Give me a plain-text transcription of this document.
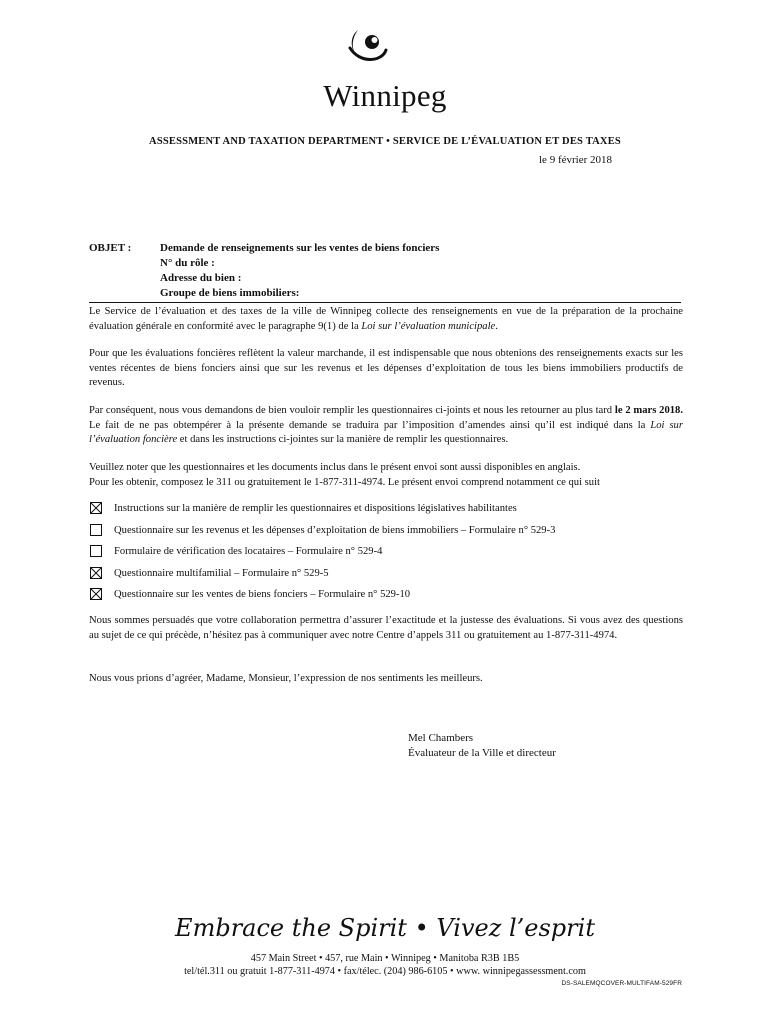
Winnipeg
ASSESSMENT AND TAXATION DEPARTMENT • SERVICE DE L’ÉVALUATION ET DES TAXES
le 9 février 2018
OBJET :	Demande de renseignements sur les ventes de biens fonciers
N° du rôle :
Adresse du bien :
Groupe de biens immobiliers:
Le Service de l’évaluation et des taxes de la ville de Winnipeg collecte des renseignements en vue de la préparation de la prochaine évaluation générale en conformité avec le paragraphe 9(1) de la Loi sur l’évaluation municipale.
Pour que les évaluations foncières reflètent la valeur marchande, il est indispensable que nous obtenions des renseignements exacts sur les ventes récentes de biens fonciers ainsi que sur les revenus et les dépenses d’exploitation de tous les biens immobiliers productifs de revenus.
Par conséquent, nous vous demandons de bien vouloir remplir les questionnaires ci-joints et nous les retourner au plus tard le 2 mars 2018. Le fait de ne pas obtempérer à la présente demande se traduira par l’imposition d’amendes ainsi qu’il est indiqué dans la Loi sur l’évaluation foncière et dans les instructions ci-jointes sur la manière de remplir les questionnaires.
Veuillez noter que les questionnaires et les documents inclus dans le présent envoi sont aussi disponibles en anglais.
Pour les obtenir, composez le 311 ou gratuitement le 1-877-311-4974. Le présent envoi comprend notamment ce qui suit
Instructions sur la manière de remplir les questionnaires et dispositions législatives habilitantes
Questionnaire sur les revenus et les dépenses d’exploitation de biens immobiliers – Formulaire n° 529-3
Formulaire de vérification des locataires – Formulaire n° 529-4
Questionnaire multifamilial – Formulaire n° 529-5
Questionnaire sur les ventes de biens fonciers – Formulaire n° 529-10
Nous sommes persuadés que votre collaboration permettra d’assurer l’exactitude et la justesse des évaluations. Si vous avez des questions au sujet de ce qui précède, n’hésitez pas à communiquer avec notre Centre d’appels 311 ou gratuitement au 1-877-311-4974.
Nous vous prions d’agréer, Madame, Monsieur, l’expression de nos sentiments les meilleurs.
Mel Chambers
Évaluateur de la Ville et directeur
Embrace the Spirit • Vivez l’esprit
457 Main Street • 457, rue Main • Winnipeg • Manitoba R3B 1B5
tel/tél.311 ou gratuit 1-877-311-4974 • fax/télec. (204) 986-6105 • www. winnipegassessment.com
DS-SALEMQCOVER-MULTIFAM-529FR
